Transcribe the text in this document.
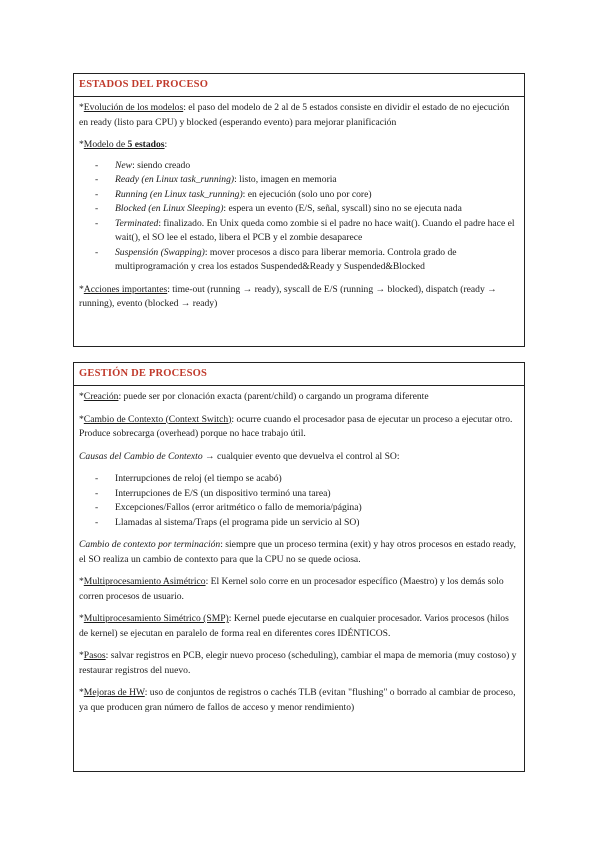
ESTADOS DEL PROCESO

*Evolución de los modelos: el paso del modelo de 2 al de 5 estados consiste en dividir el estado de no ejecución en ready (listo para CPU) y blocked (esperando evento) para mejorar planificación

*Modelo de 5 estados:

- New: siendo creado
- Ready (en Linux task_running): listo, imagen en memoria
- Running (en Linux task_running): en ejecución (solo uno por core)
- Blocked (en Linux Sleeping): espera un evento (E/S, señal, syscall) sino no se ejecuta nada
- Terminated: finalizado. En Unix queda como zombie si el padre no hace wait(). Cuando el padre hace el wait(), el SO lee el estado, libera el PCB y el zombie desaparece
- Suspensión (Swapping): mover procesos a disco para liberar memoria. Controla grado de multiprogramación y crea los estados Suspended&Ready y Suspended&Blocked

*Acciones importantes: time-out (running → ready), syscall de E/S (running → blocked), dispatch (ready → running), evento (blocked → ready)

GESTIÓN DE PROCESOS

*Creación: puede ser por clonación exacta (parent/child) o cargando un programa diferente

*Cambio de Contexto (Context Switch): ocurre cuando el procesador pasa de ejecutar un proceso a ejecutar otro. Produce sobrecarga (overhead) porque no hace trabajo útil.

Causas del Cambio de Contexto → cualquier evento que devuelva el control al SO:

- Interrupciones de reloj (el tiempo se acabó)
- Interrupciones de E/S (un dispositivo terminó una tarea)
- Excepciones/Fallos (error aritmético o fallo de memoria/página)
- Llamadas al sistema/Traps (el programa pide un servicio al SO)

Cambio de contexto por terminación: siempre que un proceso termina (exit) y hay otros procesos en estado ready, el SO realiza un cambio de contexto para que la CPU no se quede ociosa.

*Multiprocesamiento Asimétrico: El Kernel solo corre en un procesador específico (Maestro) y los demás solo corren procesos de usuario.

*Multiprocesamiento Simétrico (SMP): Kernel puede ejecutarse en cualquier procesador. Varios procesos (hilos de kernel) se ejecutan en paralelo de forma real en diferentes cores IDÉNTICOS.

*Pasos: salvar registros en PCB, elegir nuevo proceso (scheduling), cambiar el mapa de memoria (muy costoso) y restaurar registros del nuevo.

*Mejoras de HW: uso de conjuntos de registros o cachés TLB (evitan "flushing" o borrado al cambiar de proceso, ya que producen gran número de fallos de acceso y menor rendimiento)
